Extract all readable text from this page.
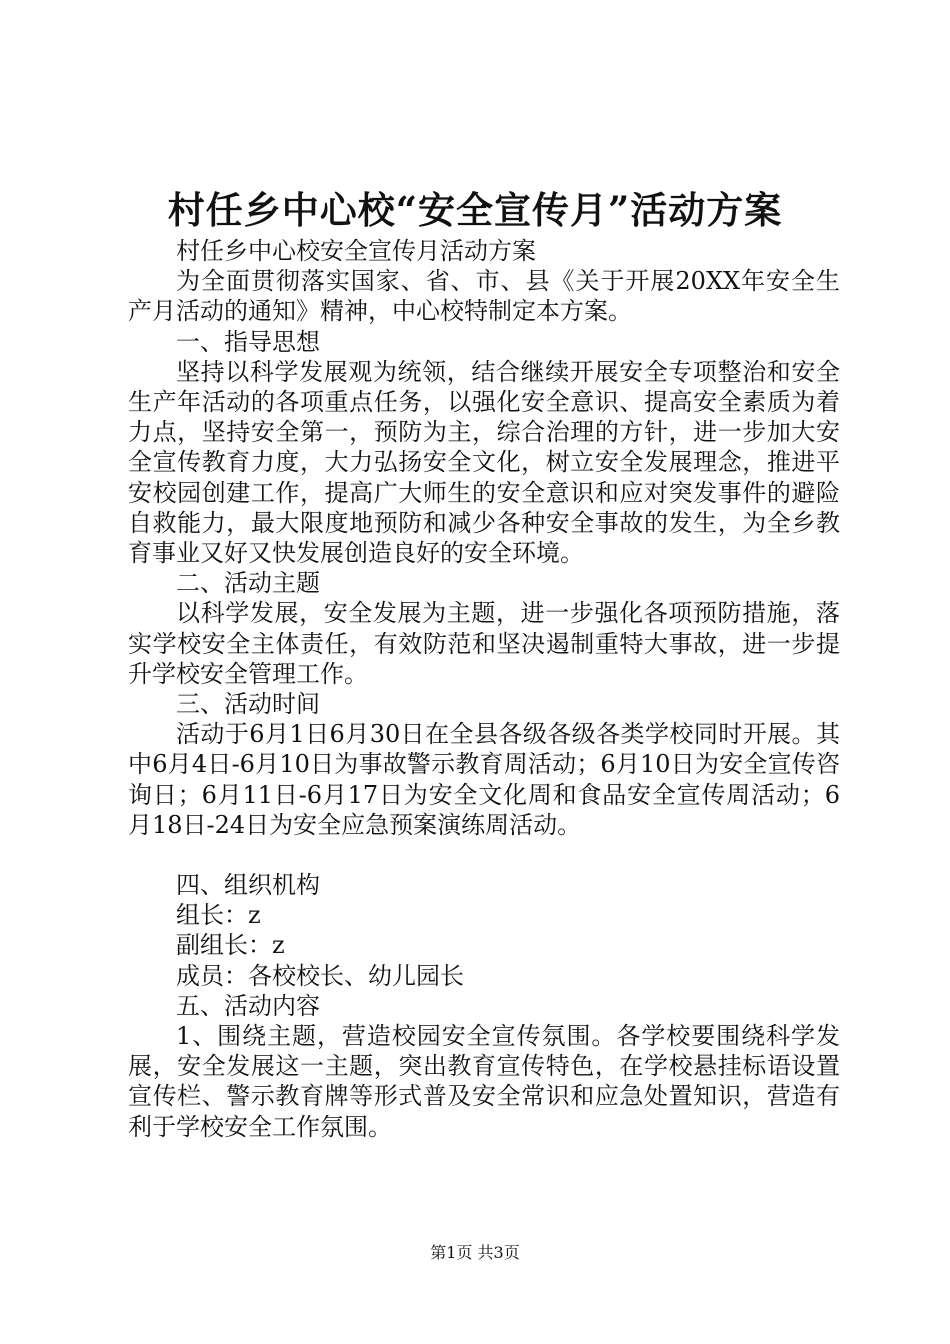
村任乡中心校“安全宣传月”活动方案

村任乡中心校安全宣传月活动方案

为全面贯彻落实国家、省、市、县《关于开展20XX年安全生产月活动的通知》精神，中心校特制定本方案。

一、指导思想

坚持以科学发展观为统领，结合继续开展安全专项整治和安全生产年活动的各项重点任务，以强化安全意识、提高安全素质为着力点，坚持安全第一，预防为主，综合治理的方针，进一步加大安全宣传教育力度，大力弘扬安全文化，树立安全发展理念，推进平安校园创建工作，提高广大师生的安全意识和应对突发事件的避险自救能力，最大限度地预防和减少各种安全事故的发生，为全乡教育事业又好又快发展创造良好的安全环境。

二、活动主题

以科学发展，安全发展为主题，进一步强化各项预防措施，落实学校安全主体责任，有效防范和坚决遏制重特大事故，进一步提升学校安全管理工作。

三、活动时间

活动于6月1日6月30日在全县各级各级各类学校同时开展。其中6月4日-6月10日为事故警示教育周活动；6月10日为安全宣传咨询日；6月11日-6月17日为安全文化周和食品安全宣传周活动；6月18日-24日为安全应急预案演练周活动。

四、组织机构

组长：z

副组长：z

成员：各校校长、幼儿园长

五、活动内容

1、围绕主题，营造校园安全宣传氛围。各学校要围绕科学发展，安全发展这一主题，突出教育宣传特色，在学校悬挂标语设置宣传栏、警示教育牌等形式普及安全常识和应急处置知识，营造有利于学校安全工作氛围。

第1页 共3页
